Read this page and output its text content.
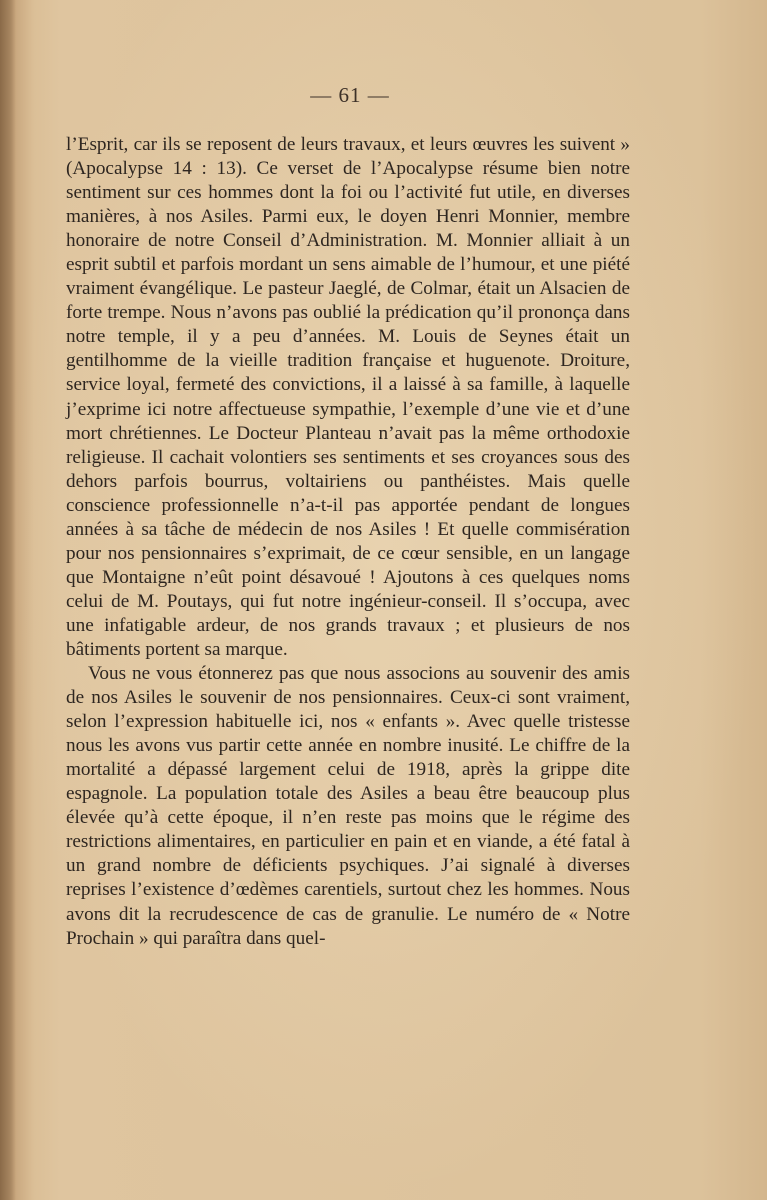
— 61 —

l’Esprit, car ils se reposent de leurs travaux, et leurs œuvres les suivent » (Apocalypse 14 : 13). Ce verset de l’Apocalypse résume bien notre sentiment sur ces hommes dont la foi ou l’activité fut utile, en diverses manières, à nos Asiles. Parmi eux, le doyen Henri Monnier, membre honoraire de notre Conseil d’Administration. M. Monnier alliait à un esprit subtil et parfois mordant un sens aimable de l’humour, et une piété vraiment évangélique. Le pasteur Jaeglé, de Colmar, était un Alsacien de forte trempe. Nous n’avons pas oublié la prédication qu’il prononça dans notre temple, il y a peu d’années. M. Louis de Seynes était un gentilhomme de la vieille tradition française et huguenote. Droiture, service loyal, fermeté des convictions, il a laissé à sa famille, à laquelle j’exprime ici notre affectueuse sympathie, l’exemple d’une vie et d’une mort chrétiennes. Le Docteur Planteau n’avait pas la même orthodoxie religieuse. Il cachait volontiers ses sentiments et ses croyances sous des dehors parfois bourrus, voltairiens ou panthéistes. Mais quelle conscience professionnelle n’a-t-il pas apportée pendant de longues années à sa tâche de médecin de nos Asiles ! Et quelle commisération pour nos pensionnaires s’exprimait, de ce cœur sensible, en un langage que Montaigne n’eût point désavoué ! Ajoutons à ces quelques noms celui de M. Poutays, qui fut notre ingénieur-conseil. Il s’occupa, avec une infatigable ardeur, de nos grands travaux ; et plusieurs de nos bâtiments portent sa marque.

Vous ne vous étonnerez pas que nous associons au souvenir des amis de nos Asiles le souvenir de nos pensionnaires. Ceux-ci sont vraiment, selon l’expression habituelle ici, nos « enfants ». Avec quelle tristesse nous les avons vus partir cette année en nombre inusité. Le chiffre de la mortalité a dépassé largement celui de 1918, après la grippe dite espagnole. La population totale des Asiles a beau être beaucoup plus élevée qu’à cette époque, il n’en reste pas moins que le régime des restrictions alimentaires, en particulier en pain et en viande, a été fatal à un grand nombre de déficients psychiques. J’ai signalé à diverses reprises l’existence d’œdèmes carentiels, surtout chez les hommes. Nous avons dit la recrudescence de cas de granulie. Le numéro de « Notre Prochain » qui paraîtra dans quel-
